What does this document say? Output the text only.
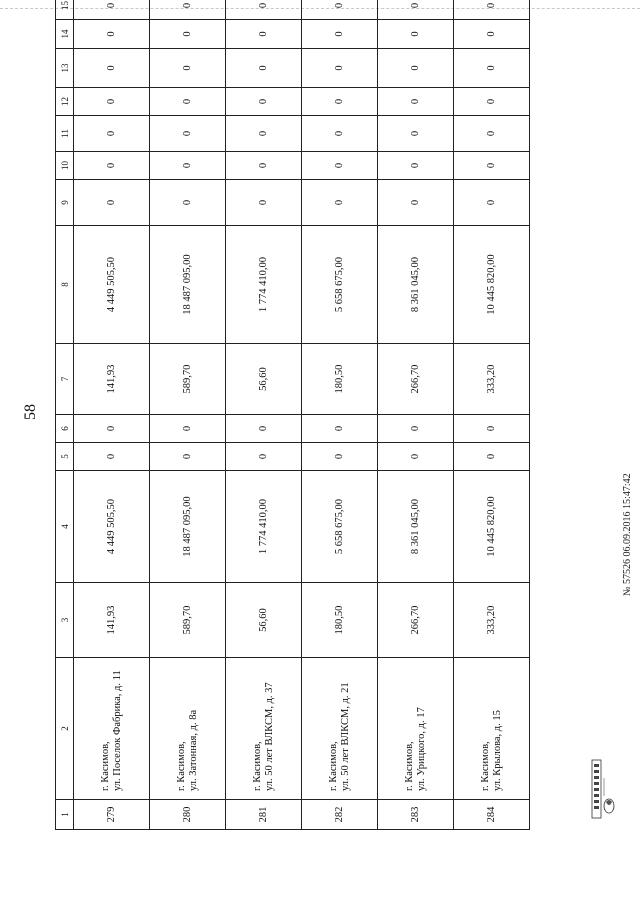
58
1	2	3	4	5	6	7	8	9	10	11	12	13	14	15	
279	г. Касимов, ул. Поселок Фабрика, д. 11	141,93	4 449 505,50	0	0	141,93	4 449 505,50	0	0	0	0	0	0	0	
280	г. Касимов, ул. Затонная, д. 8а	589,70	18 487 095,00	0	0	589,70	18 487 095,00	0	0	0	0	0	0	0	
281	г. Касимов, ул. 50 лет ВЛКСМ, д. 37	56,60	1 774 410,00	0	0	56,60	1 774 410,00	0	0	0	0	0	0	0	
282	г. Касимов, ул. 50 лет ВЛКСМ, д. 21	180,50	5 658 675,00	0	0	180,50	5 658 675,00	0	0	0	0	0	0	0	
283	г. Касимов, ул. Урицкого, д. 17	266,70	8 361 045,00	0	0	266,70	8 361 045,00	0	0	0	0	0	0	0	
284	г. Касимов, ул. Крылова, д. 15	333,20	10 445 820,00	0	0	333,20	10 445 820,00	0	0	0	0	0	0	0	
№ 57526 06.09.2016 15:47:42
